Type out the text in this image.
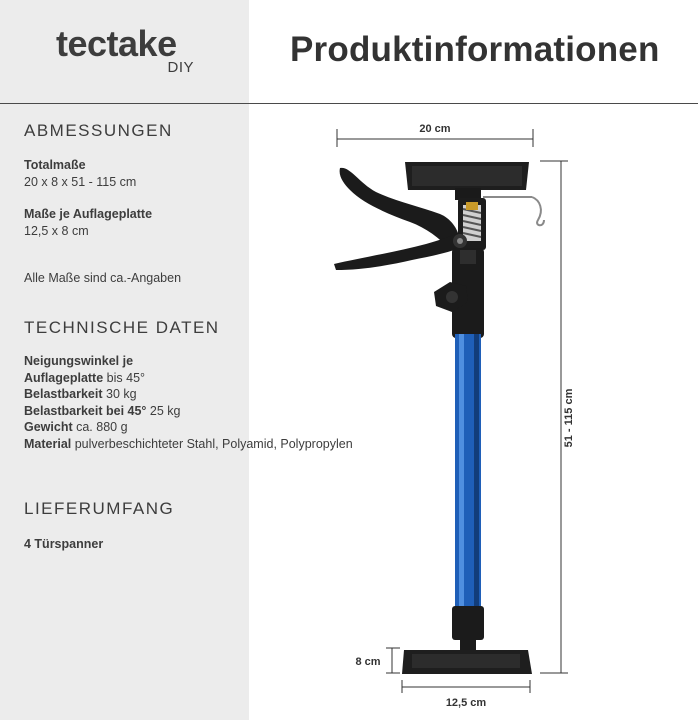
tectake
DIY	Produktinformationen
ABMESSUNGEN
Totalmaße
20 x 8 x 51 - 115 cm
Maße je Auflageplatte
12,5 x 8 cm
Alle Maße sind ca.-Angaben
TECHNISCHE DATEN
Neigungswinkel je
Auflageplatte bis 45°
Belastbarkeit 30 kg
Belastbarkeit bei 45° 25 kg
Gewicht ca. 880 g
Material pulverbeschichteter Stahl, Polyamid, Polypropylen
LIEFERUMFANG
4 Türspanner
20 cm
51 - 115 cm
8 cm
12,5 cm
